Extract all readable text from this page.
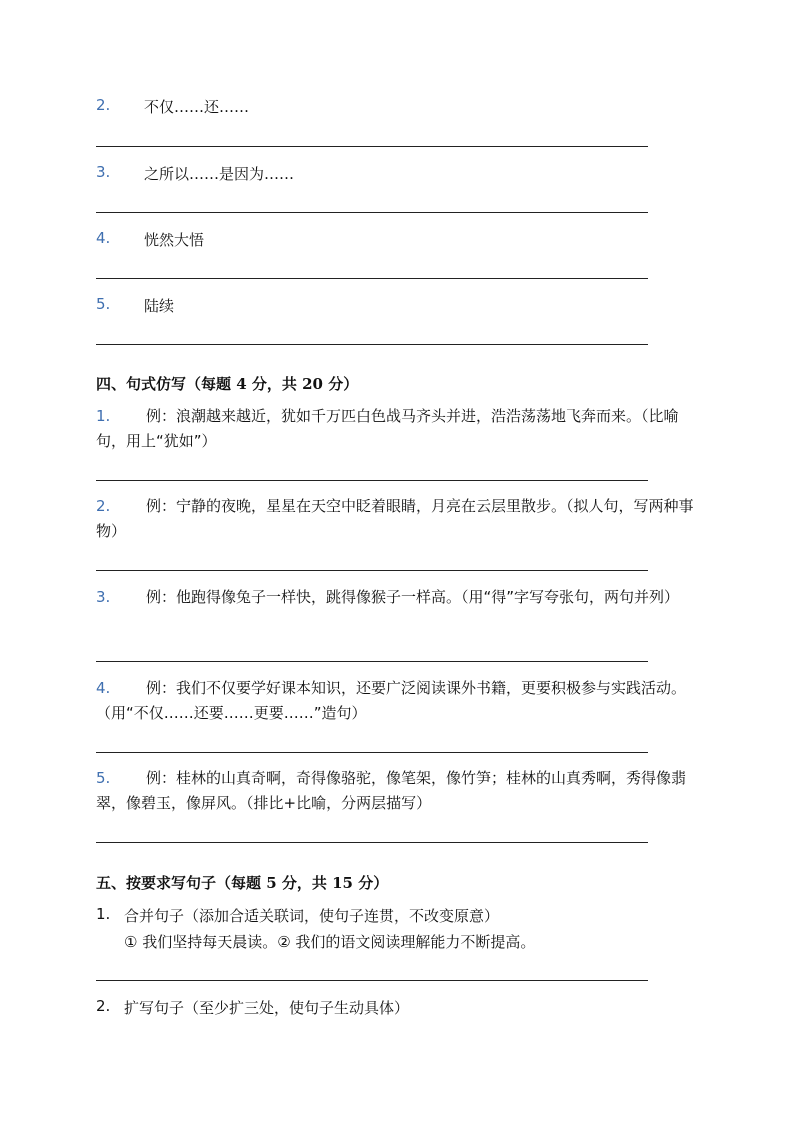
2. 不仅……还……
3. 之所以……是因为……
4. 恍然大悟
5. 陆续
四、句式仿写（每题 4 分，共 20 分）
1. 例：浪潮越来越近，犹如千万匹白色战马齐头并进，浩浩荡荡地飞奔而来。（比喻句，用上“犹如”）
2. 例：宁静的夜晚，星星在天空中眨着眼睛，月亮在云层里散步。（拟人句，写两种事物）
3. 例：他跑得像兔子一样快，跳得像猴子一样高。（用“得”字写夸张句，两句并列）
4. 例：我们不仅要学好课本知识，还要广泛阅读课外书籍，更要积极参与实践活动。（用“不仅……还要……更要……”造句）
5. 例：桂林的山真奇啊，奇得像骆驼，像笔架，像竹笋；桂林的山真秀啊，秀得像翡翠，像碧玉，像屏风。（排比+比喻，分两层描写）
五、按要求写句子（每题 5 分，共 15 分）
1. 合并句子（添加合适关联词，使句子连贯，不改变原意）
① 我们坚持每天晨读。② 我们的语文阅读理解能力不断提高。
2. 扩写句子（至少扩三处，使句子生动具体）
